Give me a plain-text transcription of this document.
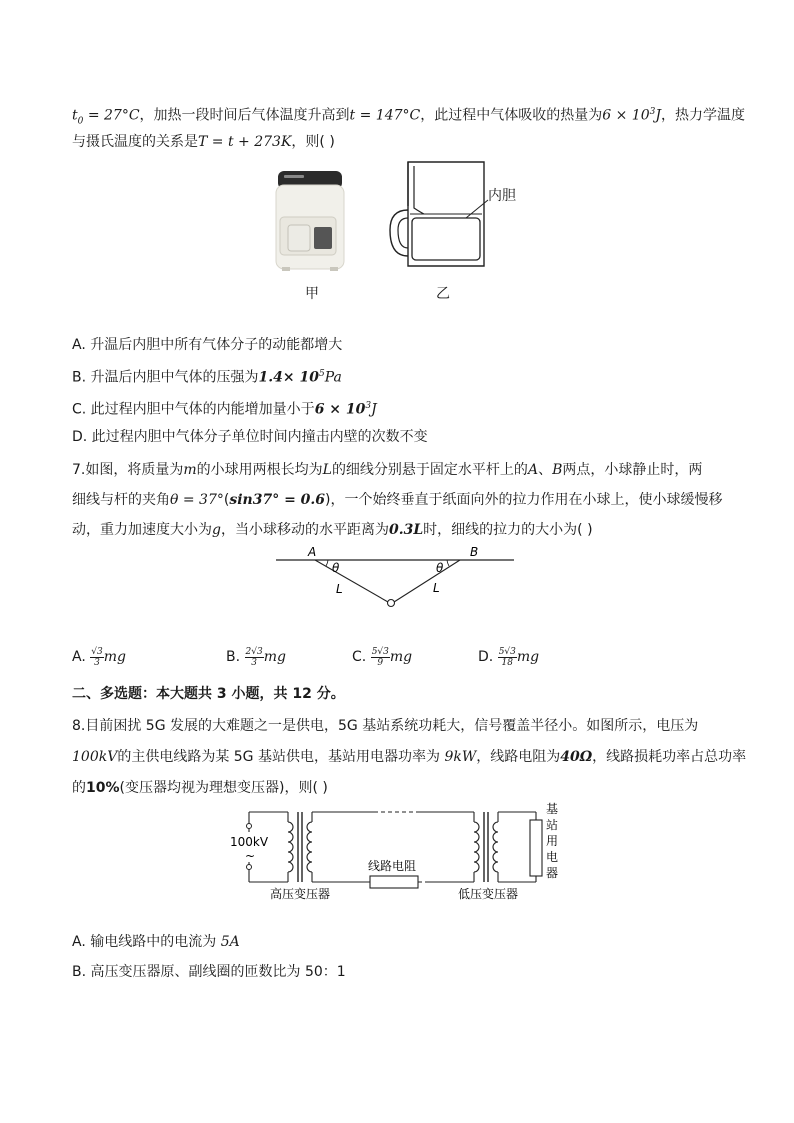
$t_0 = 27^\circ C$，加热一段时间后气体温度升高到t = 147°C，此过程中气体吸收的热量为$6 \times 10^3J$，热力学温度
与摄氏温度的关系是T = t + 273K，则( )
甲
内胆
乙
A. 升温后内胆中所有气体分子的动能都增大
B. 升温后内胆中气体的压强为$1.4\times 10^5Pa$
C. 此过程内胆中气体的内能增加量小于$6 \times 10^3J$
D. 此过程内胆中气体分子单位时间内撞击内壁的次数不变
7.如图，将质量为m的小球用两根长均为L的细线分别悬于固定水平杆上的A、B两点，小球静止时，两
细线与杆的夹角θ = 37°(sin37° = 0.6)，一个始终垂直于纸面向外的拉力作用在小球上，使小球缓慢移
动，重力加速度大小为g，当小球移动的水平距离为0.3L时，细线的拉力的大小为( )
A	B
θ	θ
L	L
A. $\frac{√3}{3}$ mg	B. $\frac{2√3}{3}$ mg	C. $\frac{5√3}{9}$ mg	D. $\frac{5√3}{18}$ mg
二、多选题：本大题共 3 小题，共 12 分。
8.目前困扰 5G 发展的大难题之一是供电，5G 基站系统功耗大，信号覆盖半径小。如图所示，电压为
100kV的主供电线路为某 5G 基站供电，基站用电器功率为 9kW，线路电阻为40Ω，线路损耗功率占总功率
的10%(变压器均视为理想变压器)，则( )
100kV
~
线路电阻
高压变压器	低压变压器
基
站
用
电
器
A. 输电线路中的电流为 5A
B. 高压变压器原、副线圈的匝数比为 50：1
